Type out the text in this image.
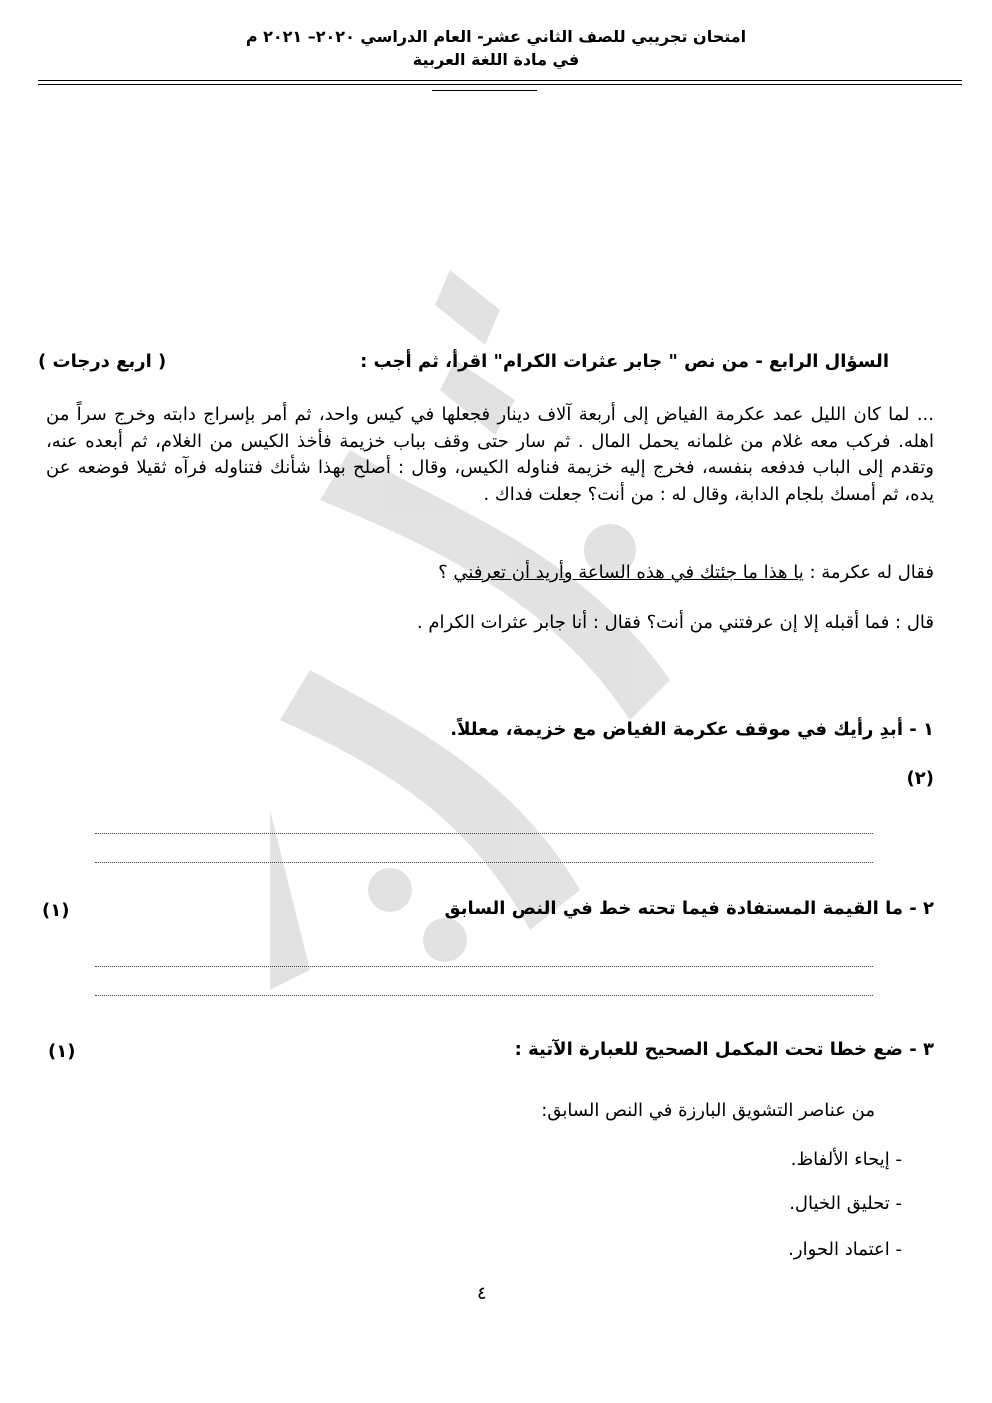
امتحان تجريبي للصف الثاني عشر- العام الدراسي ٢٠٢٠– ٢٠٢١ م
في مادة اللغة العربية
السؤال الرابع - من نص " جابر عثرات الكرام" اقرأ، ثم أجب :
( اربع درجات )
... لما كان الليل عمد عكرمة الفياض إلى أربعة آلاف دينار فجعلها في كيس واحد، ثم أمر بإسراج دابته وخرج سراً من اهله. فركب معه غلام من غلمانه يحمل المال . ثم سار حتى وقف بباب خزيمة فأخذ الكيس من الغلام، ثم أبعده عنه، وتقدم إلى الباب فدفعه بنفسه، فخرج إليه خزيمة فناوله الكيس، وقال : أصلح بهذا شأنك فتناوله فرآه ثقيلا فوضعه عن يده، ثم أمسك بلجام الدابة، وقال له : من أنت؟ جعلت فداك .
فقال له عكرمة : يا هذا ما جئتك في هذه الساعة وأريد أن تعرفني ؟
قال : فما أقبله إلا إن عرفتني من أنت؟ فقال : أنا جابر عثرات الكرام .
١ - أبدِ رأيك في موقف عكرمة الفياض مع خزيمة، معللاً.
(٢)
٢ - ما القيمة المستفادة فيما تحته خط في النص السابق
(١)
٣ - ضع خطا تحت المكمل الصحيح للعبارة الآتية :
(١)
من عناصر التشويق البارزة في النص السابق:
- إيحاء الألفاظ.
- تحليق الخيال.
- اعتماد الحوار.
٤
